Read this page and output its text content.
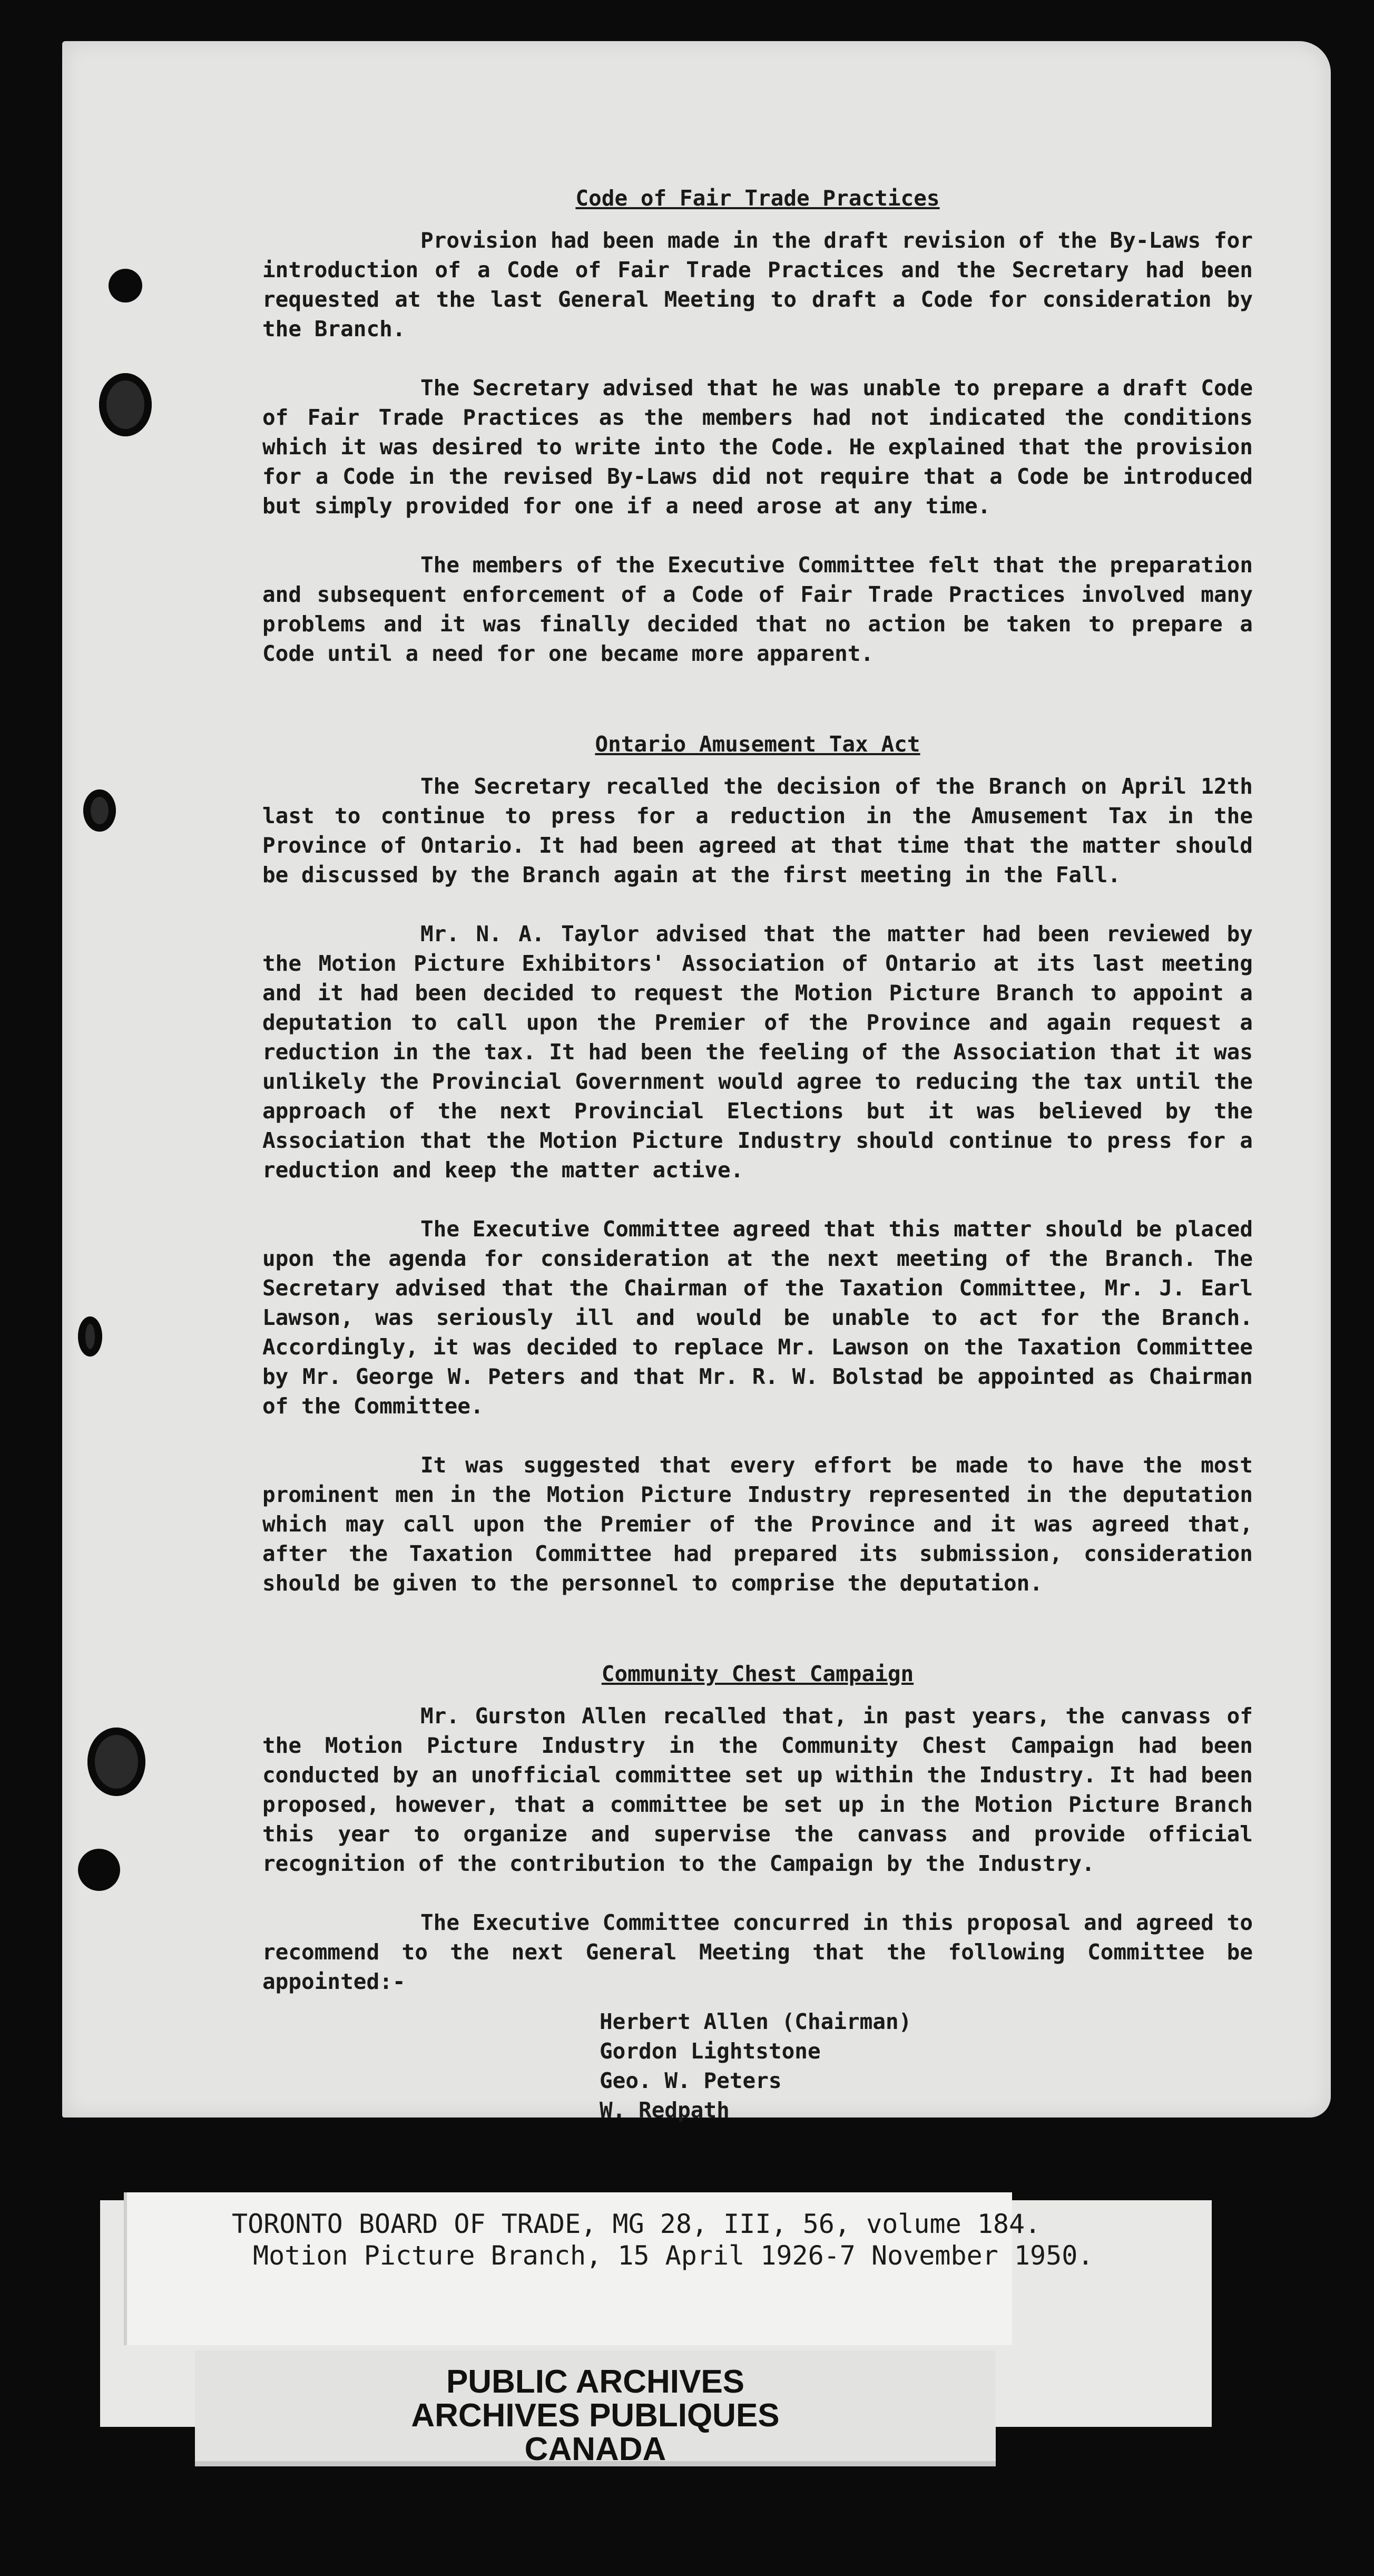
Code of Fair Trade Practices

Provision had been made in the draft revision of the By-Laws for introduction of a Code of Fair Trade Practices and the Secretary had been requested at the last General Meeting to draft a Code for consideration by the Branch.

The Secretary advised that he was unable to prepare a draft Code of Fair Trade Practices as the members had not indicated the conditions which it was desired to write into the Code. He explained that the provision for a Code in the revised By-Laws did not require that a Code be introduced but simply provided for one if a need arose at any time.

The members of the Executive Committee felt that the preparation and subsequent enforcement of a Code of Fair Trade Practices involved many problems and it was finally decided that no action be taken to prepare a Code until a need for one became more apparent.

Ontario Amusement Tax Act

The Secretary recalled the decision of the Branch on April 12th last to continue to press for a reduction in the Amusement Tax in the Province of Ontario. It had been agreed at that time that the matter should be discussed by the Branch again at the first meeting in the Fall.

Mr. N. A. Taylor advised that the matter had been reviewed by the Motion Picture Exhibitors' Association of Ontario at its last meeting and it had been decided to request the Motion Picture Branch to appoint a deputation to call upon the Premier of the Province and again request a reduction in the tax. It had been the feeling of the Association that it was unlikely the Provincial Government would agree to reducing the tax until the approach of the next Provincial Elections but it was believed by the Association that the Motion Picture Industry should continue to press for a reduction and keep the matter active.

The Executive Committee agreed that this matter should be placed upon the agenda for consideration at the next meeting of the Branch. The Secretary advised that the Chairman of the Taxation Committee, Mr. J. Earl Lawson, was seriously ill and would be unable to act for the Branch. Accordingly, it was decided to replace Mr. Lawson on the Taxation Committee by Mr. George W. Peters and that Mr. R. W. Bolstad be appointed as Chairman of the Committee.

It was suggested that every effort be made to have the most prominent men in the Motion Picture Industry represented in the deputation which may call upon the Premier of the Province and it was agreed that, after the Taxation Committee had prepared its submission, consideration should be given to the personnel to comprise the deputation.

Community Chest Campaign

Mr. Gurston Allen recalled that, in past years, the canvass of the Motion Picture Industry in the Community Chest Campaign had been conducted by an unofficial committee set up within the Industry. It had been proposed, however, that a committee be set up in the Motion Picture Branch this year to organize and supervise the canvass and provide official recognition of the contribution to the Campaign by the Industry.

The Executive Committee concurred in this proposal and agreed to recommend to the next General Meeting that the following Committee be appointed:-

Herbert Allen (Chairman)
Gordon Lightstone
Geo. W. Peters
W. Redpath
TORONTO BOARD OF TRADE, MG 28, III, 56, volume 184.
Motion Picture Branch, 15 April 1926-7 November 1950.
PUBLIC ARCHIVES
ARCHIVES PUBLIQUES
CANADA
